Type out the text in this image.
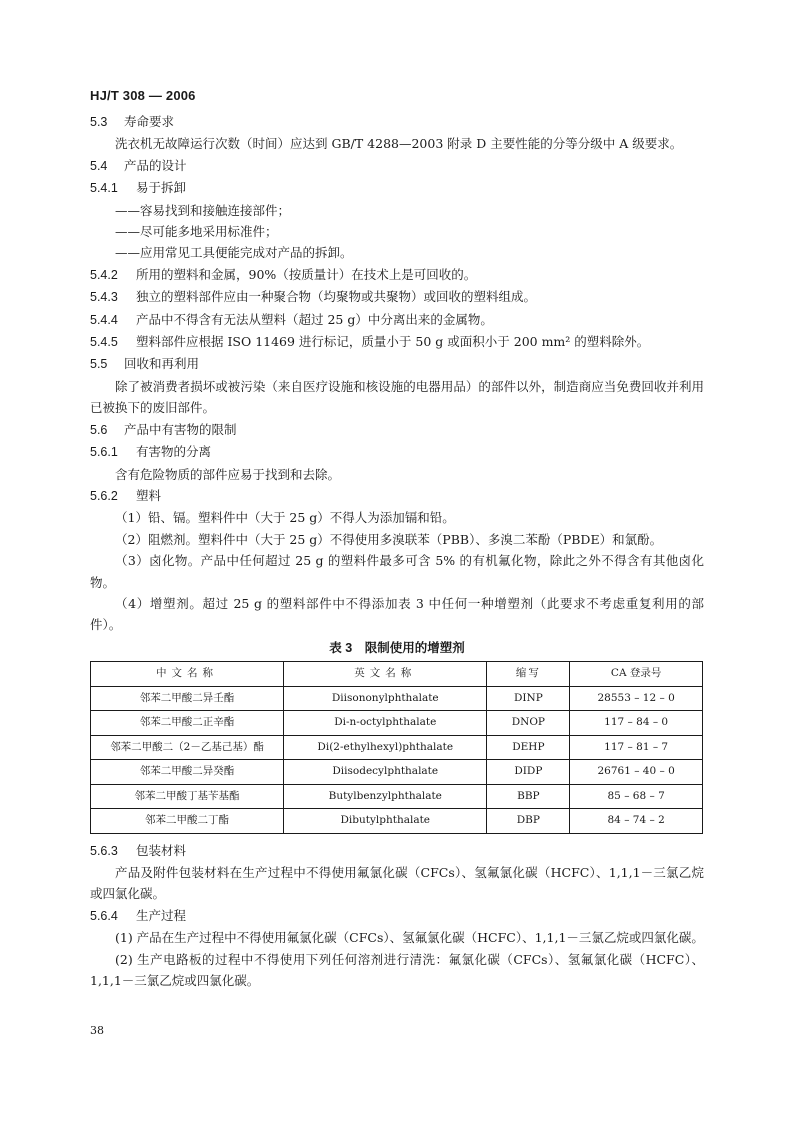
HJ/T 308 — 2006

5.3 寿命要求

洗衣机无故障运行次数（时间）应达到 GB/T 4288—2003 附录 D 主要性能的分等分级中 A 级要求。

5.4 产品的设计

5.4.1 易于拆卸

——容易找到和接触连接部件；

——尽可能多地采用标准件；

——应用常见工具便能完成对产品的拆卸。

5.4.2 所用的塑料和金属，90%（按质量计）在技术上是可回收的。

5.4.3 独立的塑料部件应由一种聚合物（均聚物或共聚物）或回收的塑料组成。

5.4.4 产品中不得含有无法从塑料（超过 25 g）中分离出来的金属物。

5.4.5 塑料部件应根据 ISO 11469 进行标记，质量小于 50 g 或面积小于 200 mm² 的塑料除外。

5.5 回收和再利用

除了被消费者损坏或被污染（来自医疗设施和核设施的电器用品）的部件以外，制造商应当免费回收并利用已被换下的废旧部件。

5.6 产品中有害物的限制

5.6.1 有害物的分离

含有危险物质的部件应易于找到和去除。

5.6.2 塑料

（1）铅、镉。塑料件中（大于 25 g）不得人为添加镉和铅。

（2）阻燃剂。塑料件中（大于 25 g）不得使用多溴联苯（PBB）、多溴二苯酚（PBDE）和氯酚。

（3）卤化物。产品中任何超过 25 g 的塑料件最多可含 5% 的有机氟化物，除此之外不得含有其他卤化物。

（4）增塑剂。超过 25 g 的塑料部件中不得添加表 3 中任何一种增塑剂（此要求不考虑重复利用的部件）。

表 3　限制使用的增塑剂
中文名称	英文名称	缩写	CA 登录号
邻苯二甲酸二异壬酯	Diisononylphthalate	DINP	28553 – 12 – 0
邻苯二甲酸二正辛酯	Di-n-octylphthalate	DNOP	117 – 84 – 0
邻苯二甲酸二（2－乙基己基）酯	Di(2-ethylhexyl)phthalate	DEHP	117 – 81 – 7
邻苯二甲酸二异癸酯	Diisodecylphthalate	DIDP	26761 – 40 – 0
邻苯二甲酸丁基苄基酯	Butylbenzylphthalate	BBP	85 – 68 – 7
邻苯二甲酸二丁酯	Dibutylphthalate	DBP	84 – 74 – 2

5.6.3 包装材料

产品及附件包装材料在生产过程中不得使用氟氯化碳（CFCs）、氢氟氯化碳（HCFC）、1,1,1－三氯乙烷或四氯化碳。

5.6.4 生产过程

(1) 产品在生产过程中不得使用氟氯化碳（CFCs）、氢氟氯化碳（HCFC）、1,1,1－三氯乙烷或四氯化碳。

(2) 生产电路板的过程中不得使用下列任何溶剂进行清洗：氟氯化碳（CFCs）、氢氟氯化碳（HCFC）、1,1,1－三氯乙烷或四氯化碳。

38
